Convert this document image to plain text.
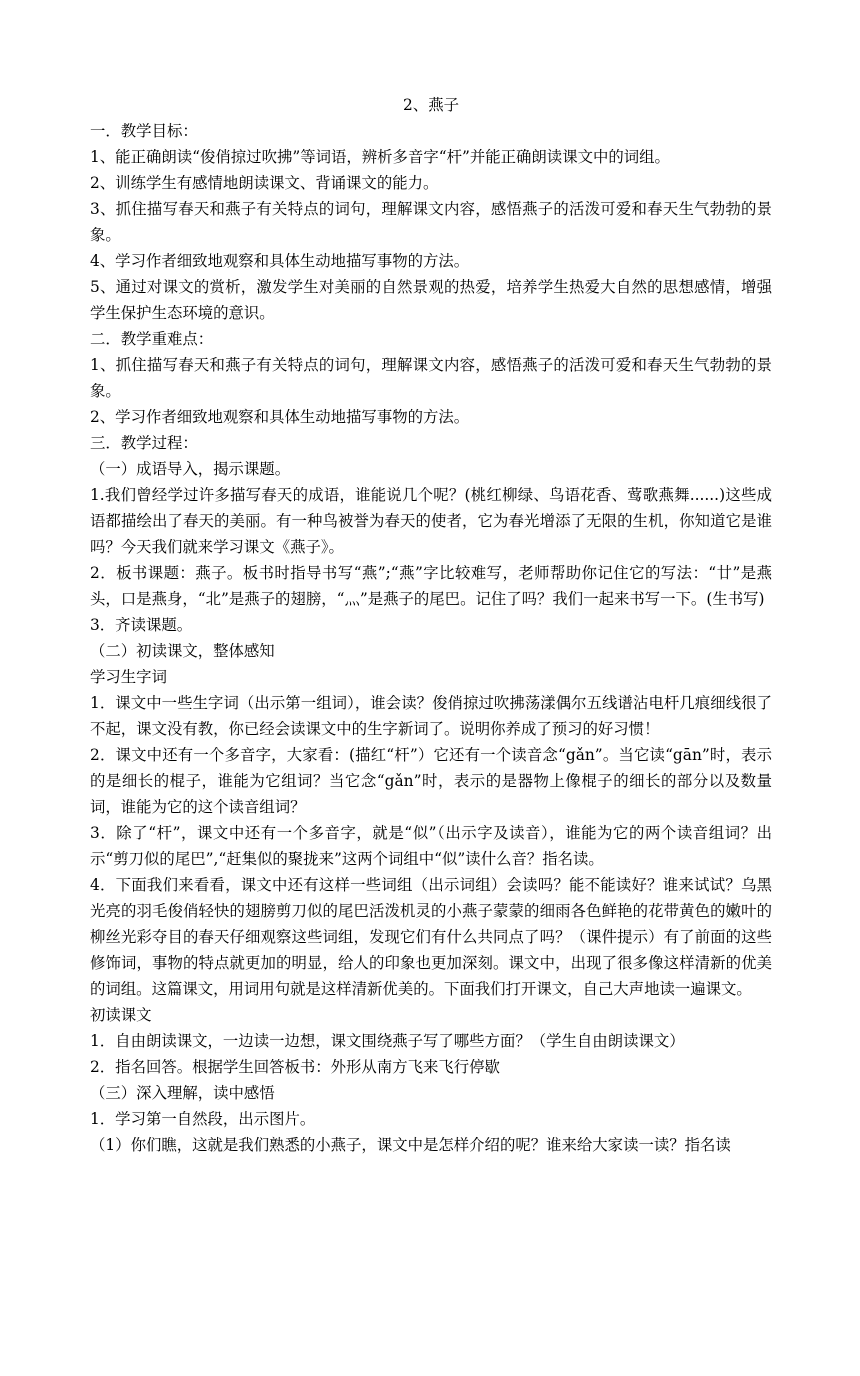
2、燕子

一．教学目标：

1、能正确朗读“俊俏掠过吹拂”等词语，辨析多音字“杆”并能正确朗读课文中的词组。

2、训练学生有感情地朗读课文、背诵课文的能力。

3、抓住描写春天和燕子有关特点的词句，理解课文内容，感悟燕子的活泼可爱和春天生气勃勃的景象。

4、学习作者细致地观察和具体生动地描写事物的方法。

5、通过对课文的赏析，激发学生对美丽的自然景观的热爱，培养学生热爱大自然的思想感情，增强学生保护生态环境的意识。

二．教学重难点：

1、抓住描写春天和燕子有关特点的词句，理解课文内容，感悟燕子的活泼可爱和春天生气勃勃的景象。

2、学习作者细致地观察和具体生动地描写事物的方法。

三．教学过程：

（一）成语导入，揭示课题。

1.我们曾经学过许多描写春天的成语，谁能说几个呢？(桃红柳绿、鸟语花香、莺歌燕舞......)这些成语都描绘出了春天的美丽。有一种鸟被誉为春天的使者，它为春光增添了无限的生机，你知道它是谁吗？今天我们就来学习课文《燕子》。

2．板书课题：燕子。板书时指导书写“燕”;“燕”字比较难写，老师帮助你记住它的写法：“廿”是燕头，口是燕身，“北”是燕子的翅膀，“灬”是燕子的尾巴。记住了吗？我们一起来书写一下。(生书写)

3．齐读课题。

（二）初读课文，整体感知

学习生字词

1．课文中一些生字词（出示第一组词），谁会读？俊俏掠过吹拂荡漾偶尔五线谱沾电杆几痕细线很了不起，课文没有教，你已经会读课文中的生字新词了。说明你养成了预习的好习惯！

2．课文中还有一个多音字，大家看：(描红“杆”）它还有一个读音念“gǎn”。当它读“gān”时，表示的是细长的棍子，谁能为它组词？当它念“gǎn”时，表示的是器物上像棍子的细长的部分以及数量词，谁能为它的这个读音组词？

3．除了“杆”，课文中还有一个多音字，就是“似”（出示字及读音），谁能为它的两个读音组词？出示“剪刀似的尾巴”,“赶集似的聚拢来”这两个词组中“似”读什么音？指名读。

4．下面我们来看看，课文中还有这样一些词组（出示词组）会读吗？能不能读好？谁来试试？乌黑光亮的羽毛俊俏轻快的翅膀剪刀似的尾巴活泼机灵的小燕子蒙蒙的细雨各色鲜艳的花带黄色的嫩叶的柳丝光彩夺目的春天仔细观察这些词组，发现它们有什么共同点了吗？（课件提示）有了前面的这些修饰词，事物的特点就更加的明显，给人的印象也更加深刻。课文中，出现了很多像这样清新的优美的词组。这篇课文，用词用句就是这样清新优美的。下面我们打开课文，自己大声地读一遍课文。

初读课文

1．自由朗读课文，一边读一边想，课文围绕燕子写了哪些方面？（学生自由朗读课文）

2．指名回答。根据学生回答板书：外形从南方飞来飞行停歇

（三）深入理解，读中感悟

1．学习第一自然段，出示图片。

（1）你们瞧，这就是我们熟悉的小燕子，课文中是怎样介绍的呢？谁来给大家读一读？指名读
